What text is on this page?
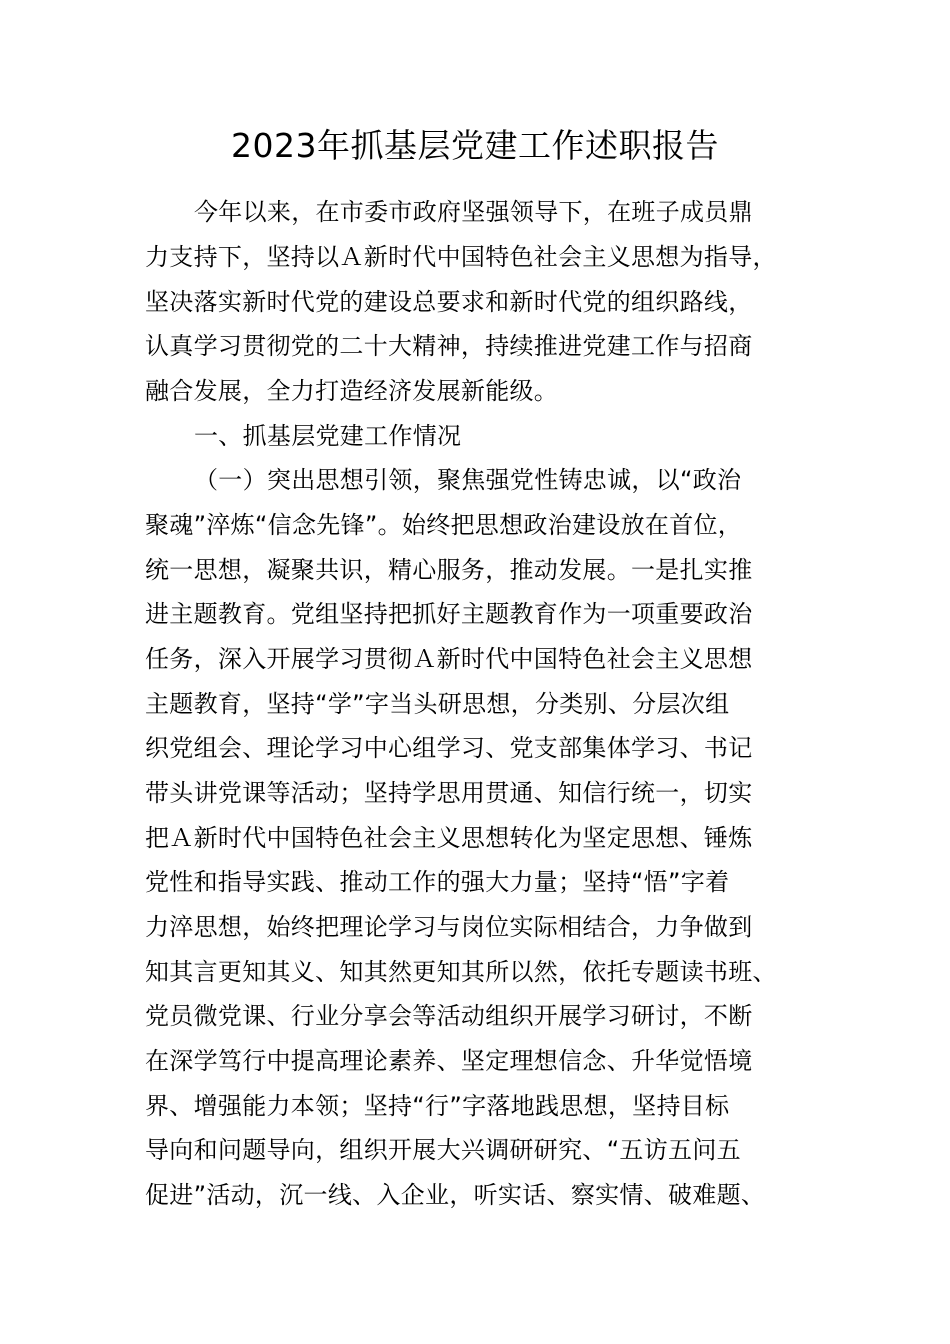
2023年抓基层党建工作述职报告
今年以来，在市委市政府坚强领导下，在班子成员鼎
力支持下，坚持以Ａ新时代中国特色社会主义思想为指导，
坚决落实新时代党的建设总要求和新时代党的组织路线，
认真学习贯彻党的二十大精神，持续推进党建工作与招商
融合发展，全力打造经济发展新能级。
一、抓基层党建工作情况
（一）突出思想引领，聚焦强党性铸忠诚，以“政治
聚魂”淬炼“信念先锋”。始终把思想政治建设放在首位，
统一思想，凝聚共识，精心服务，推动发展。一是扎实推
进主题教育。党组坚持把抓好主题教育作为一项重要政治
任务，深入开展学习贯彻Ａ新时代中国特色社会主义思想
主题教育，坚持“学”字当头研思想，分类别、分层次组
织党组会、理论学习中心组学习、党支部集体学习、书记
带头讲党课等活动；坚持学思用贯通、知信行统一，切实
把Ａ新时代中国特色社会主义思想转化为坚定思想、锤炼
党性和指导实践、推动工作的强大力量；坚持“悟”字着
力淬思想，始终把理论学习与岗位实际相结合，力争做到
知其言更知其义、知其然更知其所以然，依托专题读书班、
党员微党课、行业分享会等活动组织开展学习研讨，不断
在深学笃行中提高理论素养、坚定理想信念、升华觉悟境
界、增强能力本领；坚持“行”字落地践思想，坚持目标
导向和问题导向，组织开展大兴调研研究、“五访五问五
促进”活动，沉一线、入企业，听实话、察实情、破难题、
